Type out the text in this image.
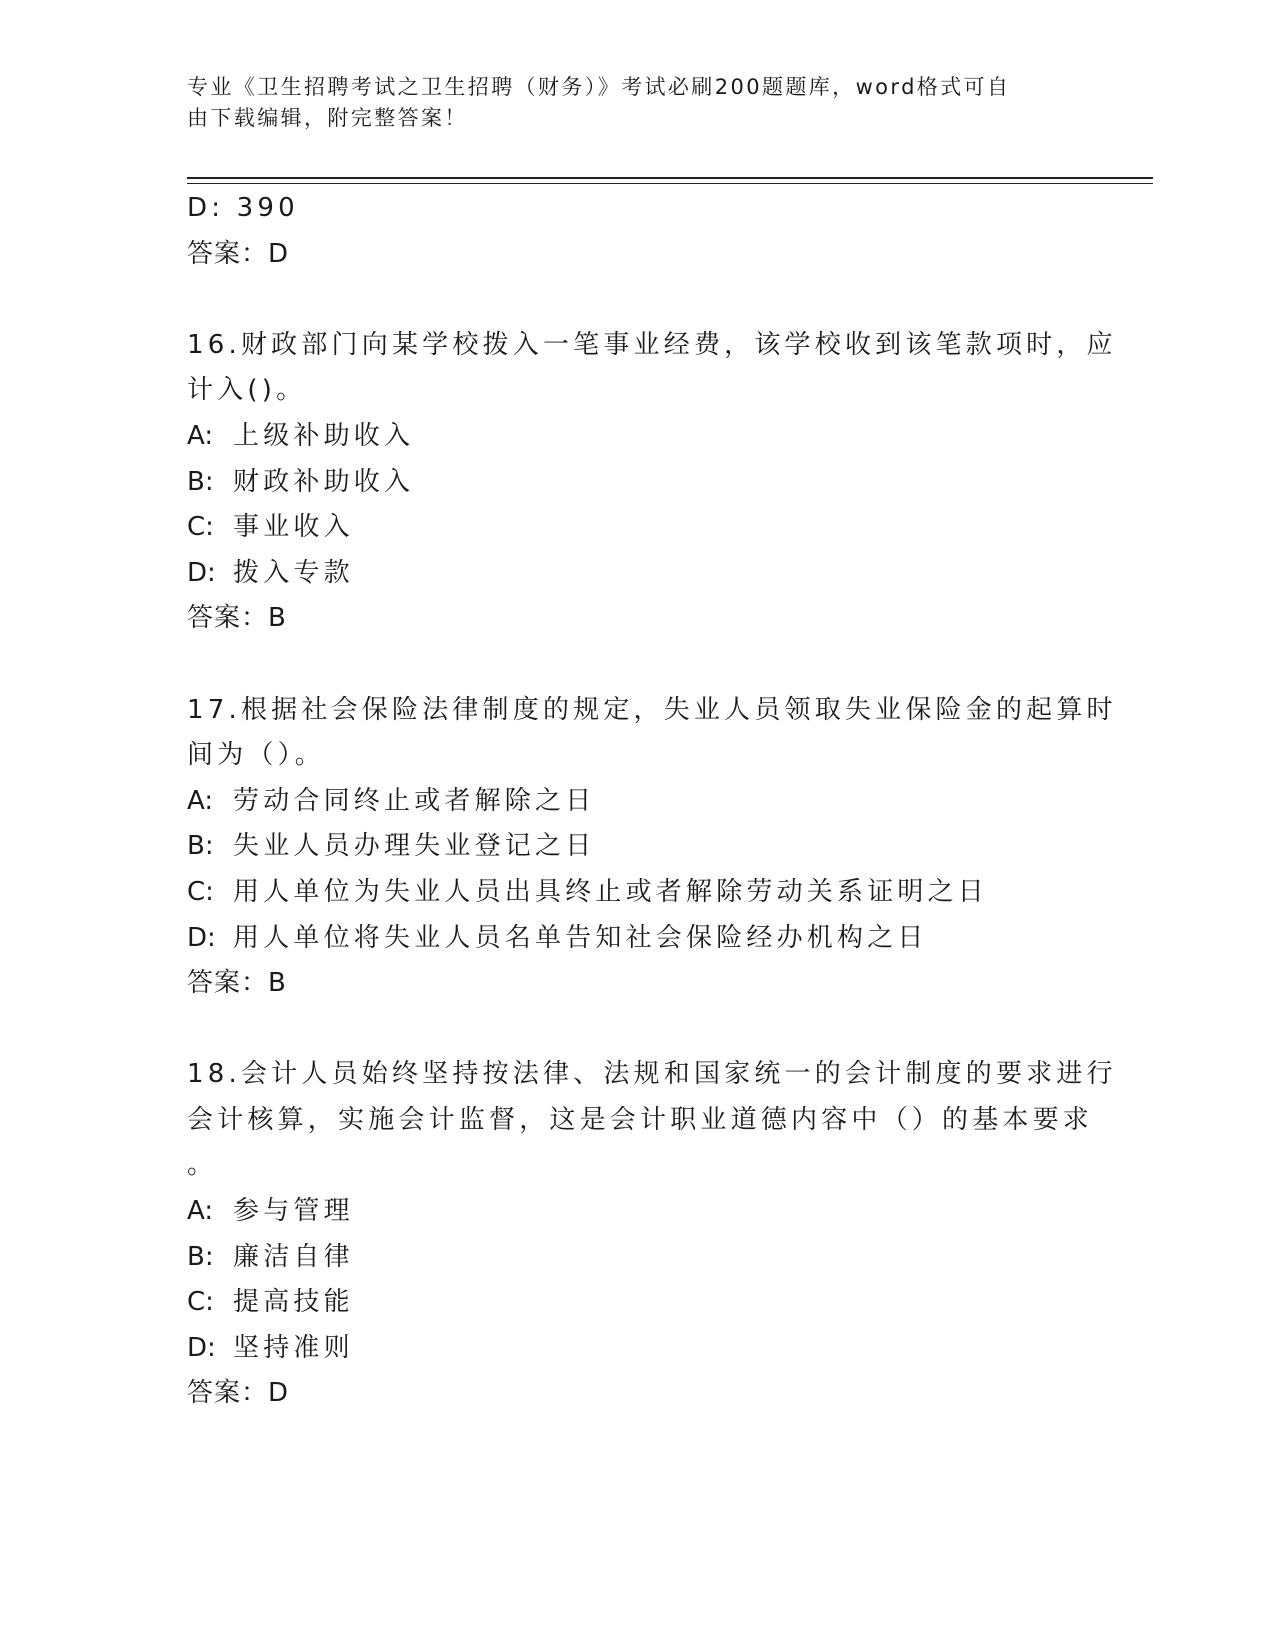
专业《卫生招聘考试之卫生招聘（财务）》考试必刷200题题库，word格式可自
由下载编辑，附完整答案！
D: 390
答案：D
16.财政部门向某学校拨入一笔事业经费，该学校收到该笔款项时，应
计入()。
A: 上级补助收入
B: 财政补助收入
C: 事业收入
D: 拨入专款
答案：B
17.根据社会保险法律制度的规定，失业人员领取失业保险金的起算时
间为（）。
A: 劳动合同终止或者解除之日
B: 失业人员办理失业登记之日
C: 用人单位为失业人员出具终止或者解除劳动关系证明之日
D: 用人单位将失业人员名单告知社会保险经办机构之日
答案：B
18.会计人员始终坚持按法律、法规和国家统一的会计制度的要求进行
会计核算，实施会计监督，这是会计职业道德内容中（）的基本要求
。
A: 参与管理
B: 廉洁自律
C: 提高技能
D: 坚持准则
答案：D
